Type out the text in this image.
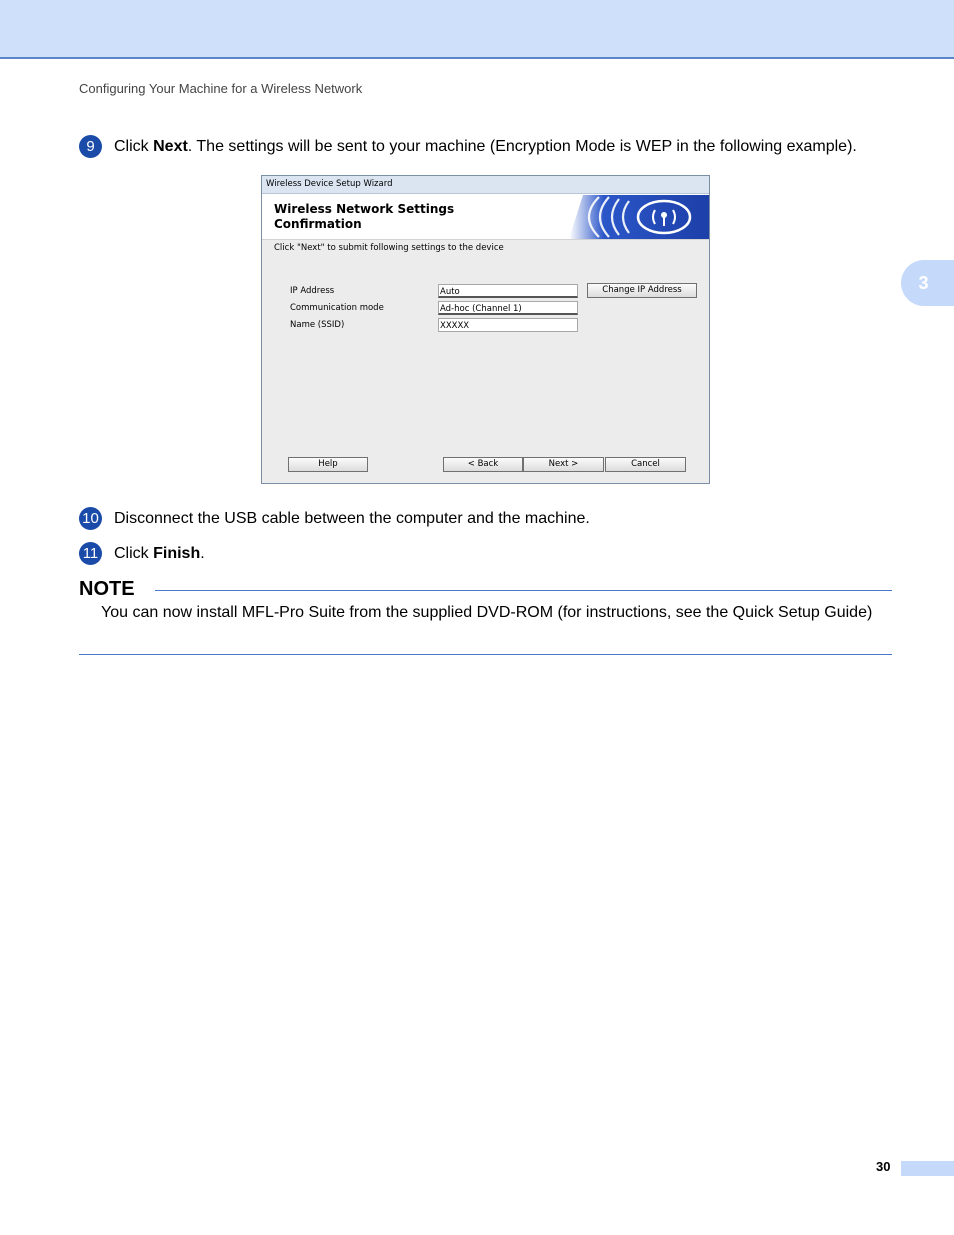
Configuring Your Machine for a Wireless Network
3
9	Click Next. The settings will be sent to your machine (Encryption Mode is WEP in the following example).
Wireless Device Setup Wizard
Wireless Network Settings
Confirmation
Click "Next" to submit following settings to the device
IP Address	Auto	Change IP Address
Communication mode	Ad-hoc (Channel 1)
Name (SSID)	XXXXX
Help	< Back	Next >	Cancel
10 Disconnect the USB cable between the computer and the machine.
11 Click Finish.
NOTE
You can now install MFL-Pro Suite from the supplied DVD-ROM (for instructions, see the Quick Setup Guide)
30
